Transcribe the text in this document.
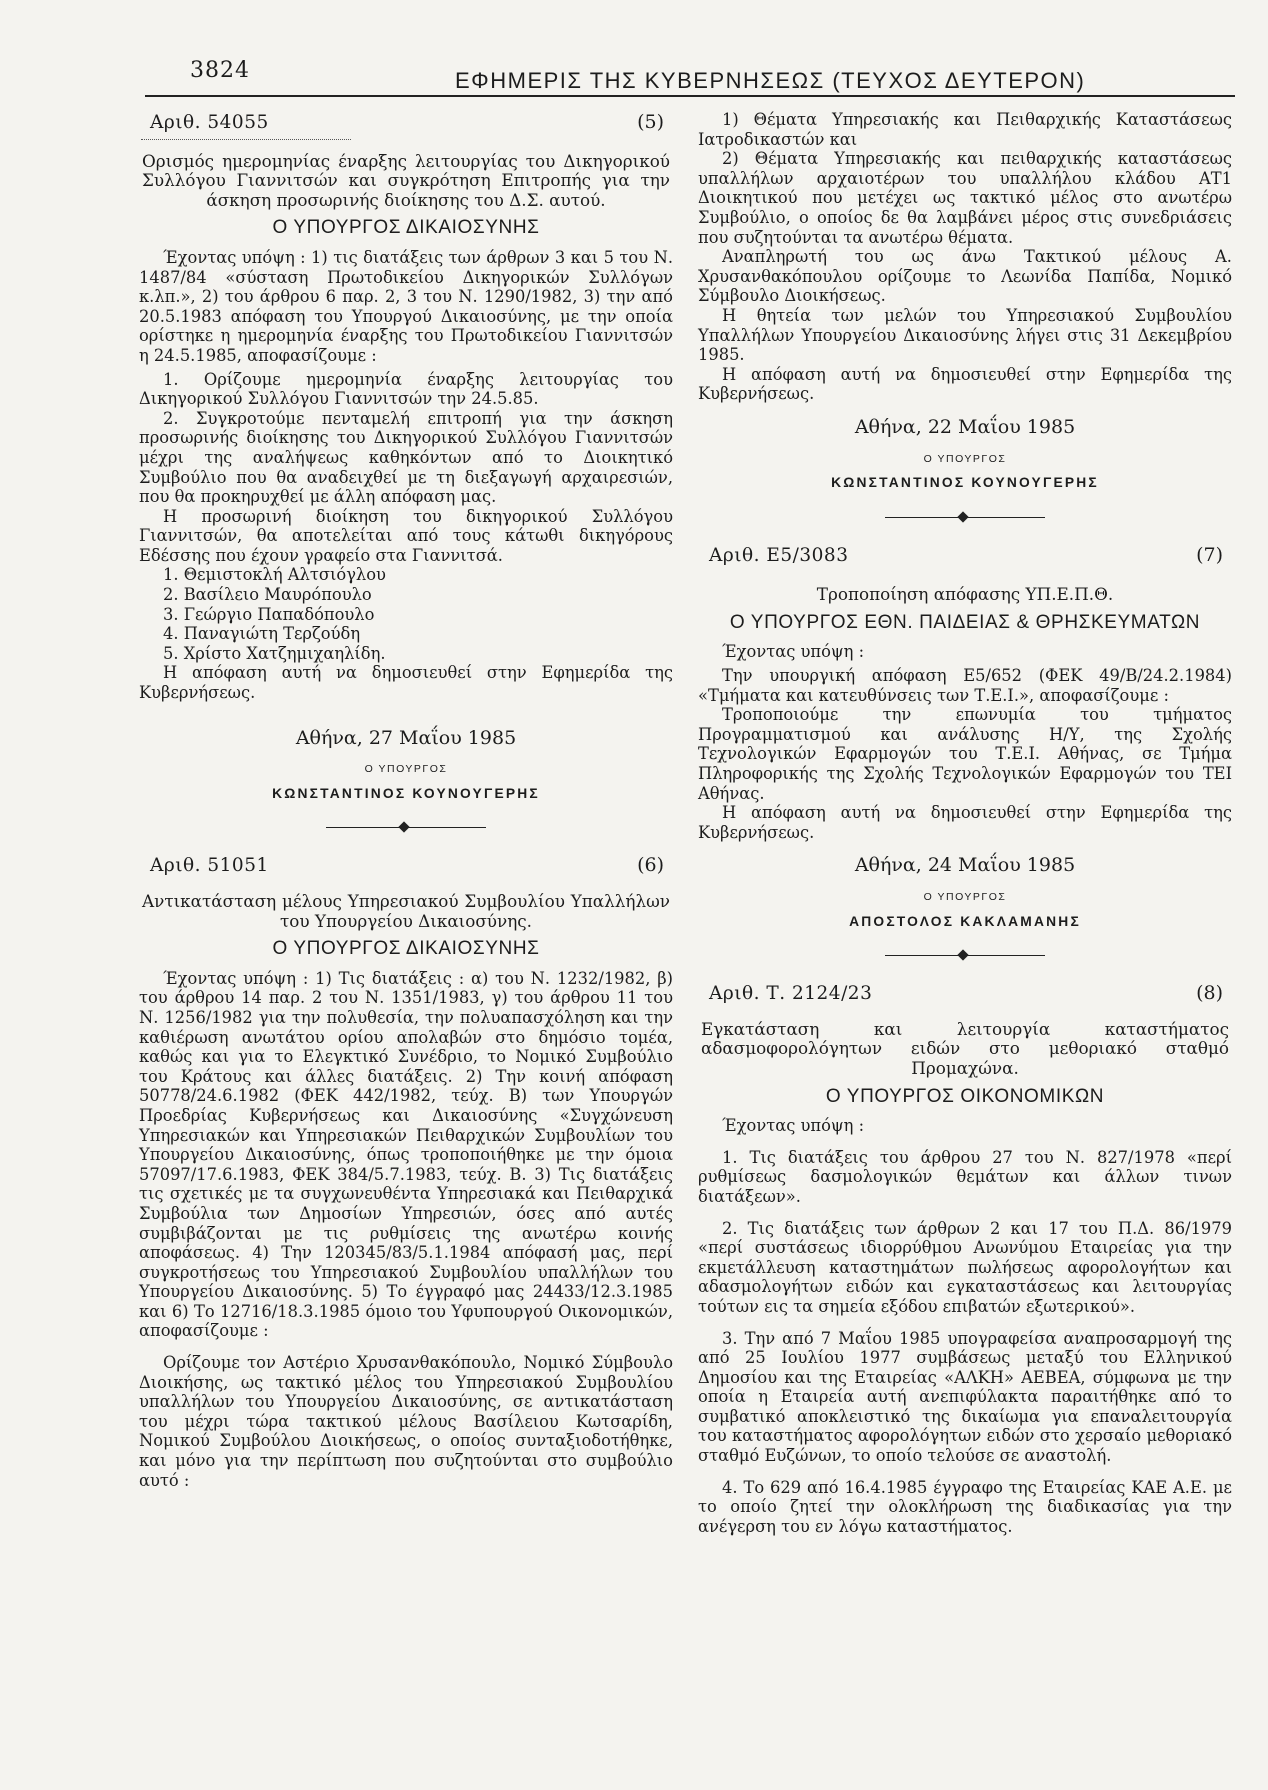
3824	ΕΦΗΜΕΡΙΣ ΤΗΣ ΚΥΒΕΡΝΗΣΕΩΣ (ΤΕΥΧΟΣ ΔΕΥΤΕΡΟΝ)
Αριθ. 54055	(5)

Ορισμός ημερομηνίας έναρξης λειτουργίας του Δικηγορικού Συλλόγου Γιαννιτσών και συγκρότηση Επιτροπής για την άσκηση προσωρινής διοίκησης του Δ.Σ. αυτού.

Ο ΥΠΟΥΡΓΟΣ ΔΙΚΑΙΟΣΥΝΗΣ

Έχοντας υπόψη : 1) τις διατάξεις των άρθρων 3 και 5 του Ν. 1487/84 «σύσταση Πρωτοδικείου Δικηγορικών Συλλόγων κ.λπ.», 2) του άρθρου 6 παρ. 2, 3 του Ν. 1290/1982, 3) την από 20.5.1983 απόφαση του Υπουργού Δικαιοσύνης, με την οποία ορίστηκε η ημερομηνία έναρξης του Πρωτοδικείου Γιαννιτσών η 24.5.1985, αποφασίζουμε :

1. Ορίζουμε ημερομηνία έναρξης λειτουργίας του Δικηγορικού Συλλόγου Γιαννιτσών την 24.5.85.

2. Συγκροτούμε πενταμελή επιτροπή για την άσκηση προσωρινής διοίκησης του Δικηγορικού Συλλόγου Γιαννιτσών μέχρι της αναλήψεως καθηκόντων από το Διοικητικό Συμβούλιο που θα αναδειχθεί με τη διεξαγωγή αρχαιρεσιών, που θα προκηρυχθεί με άλλη απόφαση μας.

Η προσωρινή διοίκηση του δικηγορικού Συλλόγου Γιαννιτσών, θα αποτελείται από τους κάτωθι δικηγόρους Εδέσσης που έχουν γραφείο στα Γιαννιτσά.

1. Θεμιστοκλή Αλτσιόγλου

2. Βασίλειο Μαυρόπουλο

3. Γεώργιο Παπαδόπουλο

4. Παναγιώτη Τερζούδη

5. Χρίστο Χατζημιχαηλίδη.

Η απόφαση αυτή να δημοσιευθεί στην Εφημερίδα της Κυβερνήσεως.

Αθήνα, 27 Μαΐου 1985
Ο ΥΠΟΥΡΓΟΣ
ΚΩΝΣΤΑΝΤΙΝΟΣ ΚΟΥΝΟΥΓΕΡΗΣ
Αριθ. 51051	(6)

Αντικατάσταση μέλους Υπηρεσιακού Συμβουλίου Υπαλλήλων του Υπουργείου Δικαιοσύνης.

Ο ΥΠΟΥΡΓΟΣ ΔΙΚΑΙΟΣΥΝΗΣ

Έχοντας υπόψη : 1) Τις διατάξεις : α) του Ν. 1232/1982, β) του άρθρου 14 παρ. 2 του Ν. 1351/1983, γ) του άρθρου 11 του Ν. 1256/1982 για την πολυθεσία, την πολυαπασχόληση και την καθιέρωση ανωτάτου ορίου απολαβών στο δημόσιο τομέα, καθώς και για το Ελεγκτικό Συνέδριο, το Νομικό Συμβούλιο του Κράτους και άλλες διατάξεις. 2) Την κοινή απόφαση 50778/24.6.1982 (ΦΕΚ 442/1982, τεύχ. Β) των Υπουργών Προεδρίας Κυβερνήσεως και Δικαιοσύνης «Συγχώνευση Υπηρεσιακών και Υπηρεσιακών Πειθαρχικών Συμβουλίων του Υπουργείου Δικαιοσύνης, όπως τροποποιήθηκε με την όμοια 57097/17.6.1983, ΦΕΚ 384/5.7.1983, τεύχ. Β. 3) Τις διατάξεις τις σχετικές με τα συγχωνευθέντα Υπηρεσιακά και Πειθαρχικά Συμβούλια των Δημοσίων Υπηρεσιών, όσες από αυτές συμβιβάζονται με τις ρυθμίσεις της ανωτέρω κοινής αποφάσεως. 4) Την 120345/83/5.1.1984 απόφασή μας, περί συγκροτήσεως του Υπηρεσιακού Συμβουλίου υπαλλήλων του Υπουργείου Δικαιοσύνης. 5) Το έγγραφό μας 24433/12.3.1985 και 6) Το 12716/18.3.1985 όμοιο του Υφυπουργού Οικονομικών, αποφασίζουμε :

Ορίζουμε τον Αστέριο Χρυσανθακόπουλο, Νομικό Σύμβουλο Διοικήσης, ως τακτικό μέλος του Υπηρεσιακού Συμβουλίου υπαλλήλων του Υπουργείου Δικαιοσύνης, σε αντικατάσταση του μέχρι τώρα τακτικού μέλους Βασίλειου Κωτσαρίδη, Νομικού Συμβούλου Διοικήσεως, ο οποίος συνταξιοδοτήθηκε, και μόνο για την περίπτωση που συζητούνται στο συμβούλιο αυτό :

1) Θέματα Υπηρεσιακής και Πειθαρχικής Καταστάσεως Ιατροδικαστών και

2) Θέματα Υπηρεσιακής και πειθαρχικής καταστάσεως υπαλλήλων αρχαιοτέρων του υπαλλήλου κλάδου ΑΤ1 Διοικητικού που μετέχει ως τακτικό μέλος στο ανωτέρω Συμβούλιο, ο οποίος δε θα λαμβάνει μέρος στις συνεδριάσεις που συζητούνται τα ανωτέρω θέματα.

Αναπληρωτή του ως άνω Τακτικού μέλους Α. Χρυσανθακόπουλου ορίζουμε το Λεωνίδα Παπίδα, Νομικό Σύμβουλο Διοικήσεως.

Η θητεία των μελών του Υπηρεσιακού Συμβουλίου Υπαλλήλων Υπουργείου Δικαιοσύνης λήγει στις 31 Δεκεμβρίου 1985.

Η απόφαση αυτή να δημοσιευθεί στην Εφημερίδα της Κυβερνήσεως.

Αθήνα, 22 Μαΐου 1985
Ο ΥΠΟΥΡΓΟΣ
ΚΩΝΣΤΑΝΤΙΝΟΣ ΚΟΥΝΟΥΓΕΡΗΣ
Αριθ. Ε5/3083	(7)

Τροποποίηση απόφασης ΥΠ.Ε.Π.Θ.

Ο ΥΠΟΥΡΓΟΣ ΕΘΝ. ΠΑΙΔΕΙΑΣ & ΘΡΗΣΚΕΥΜΑΤΩΝ

Έχοντας υπόψη :

Την υπουργική απόφαση Ε5/652 (ΦΕΚ 49/Β/24.2.1984) «Τμήματα και κατευθύνσεις των Τ.Ε.Ι.», αποφασίζουμε :

Τροποποιούμε την επωνυμία του τμήματος Προγραμματισμού και ανάλυσης Η/Υ, της Σχολής Τεχνολογικών Εφαρμογών του Τ.Ε.Ι. Αθήνας, σε Τμήμα Πληροφορικής της Σχολής Τεχνολογικών Εφαρμογών του ΤΕΙ Αθήνας.

Η απόφαση αυτή να δημοσιευθεί στην Εφημερίδα της Κυβερνήσεως.

Αθήνα, 24 Μαΐου 1985
Ο ΥΠΟΥΡΓΟΣ
ΑΠΟΣΤΟΛΟΣ ΚΑΚΛΑΜΑΝΗΣ
Αριθ. Τ. 2124/23	(8)

Εγκατάσταση και λειτουργία καταστήματος αδασμοφορολόγητων ειδών στο μεθοριακό σταθμό Προμαχώνα.

Ο ΥΠΟΥΡΓΟΣ ΟΙΚΟΝΟΜΙΚΩΝ

Έχοντας υπόψη :

1. Τις διατάξεις του άρθρου 27 του Ν. 827/1978 «περί ρυθμίσεως δασμολογικών θεμάτων και άλλων τινων διατάξεων».

2. Τις διατάξεις των άρθρων 2 και 17 του Π.Δ. 86/1979 «περί συστάσεως ιδιορρύθμου Ανωνύμου Εταιρείας για την εκμετάλλευση καταστημάτων πωλήσεως αφορολογήτων και αδασμολογήτων ειδών και εγκαταστάσεως και λειτουργίας τούτων εις τα σημεία εξόδου επιβατών εξωτερικού».

3. Την από 7 Μαΐου 1985 υπογραφείσα αναπροσαρμογή της από 25 Ιουλίου 1977 συμβάσεως μεταξύ του Ελληνικού Δημοσίου και της Εταιρείας «ΑΛΚΗ» ΑΕΒΕΑ, σύμφωνα με την οποία η Εταιρεία αυτή ανεπιφύλακτα παραιτήθηκε από το συμβατικό αποκλειστικό της δικαίωμα για επαναλειτουργία του καταστήματος αφορολόγητων ειδών στο χερσαίο μεθοριακό σταθμό Ευζώνων, το οποίο τελούσε σε αναστολή.

4. Το 629 από 16.4.1985 έγγραφο της Εταιρείας ΚΑΕ Α.Ε. με το οποίο ζητεί την ολοκλήρωση της διαδικασίας για την ανέγερση του εν λόγω καταστήματος.
